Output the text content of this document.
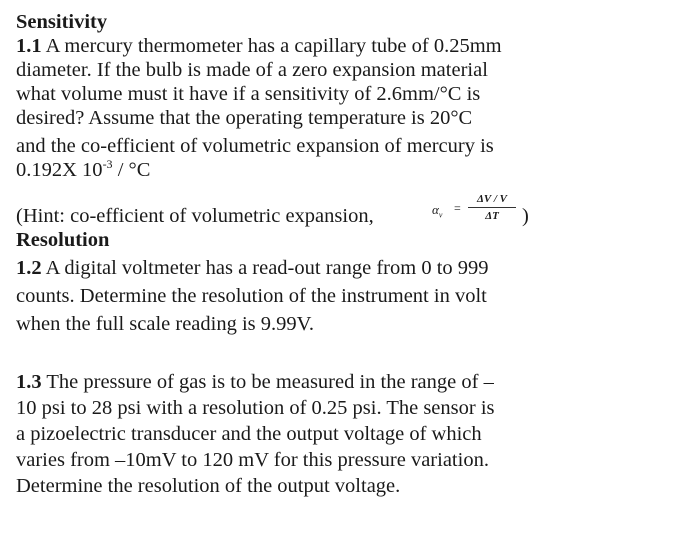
Sensitivity
1.1 A mercury thermometer has a capillary tube of 0.25mm
diameter. If the bulb is made of a zero expansion material
what volume must it have if a sensitivity of 2.6mm/°C is
desired? Assume that the operating temperature is 20°C
and the co-efficient of volumetric expansion of mercury is
0.192X $10^{-3} / ^\circ C$
(Hint: co-efficient of volumetric expansion,	$\alpha_v$
=
ΔV / V
ΔT	)
Resolution
1.2 A digital voltmeter has a read-out range from 0 to 999
counts. Determine the resolution of the instrument in volt
when the full scale reading is 9.99V.
1.3 The pressure of gas is to be measured in the range of –
10 psi to 28 psi with a resolution of 0.25 psi. The sensor is
a pizoelectric transducer and the output voltage of which
varies from –10mV to 120 mV for this pressure variation.
Determine the resolution of the output voltage.
